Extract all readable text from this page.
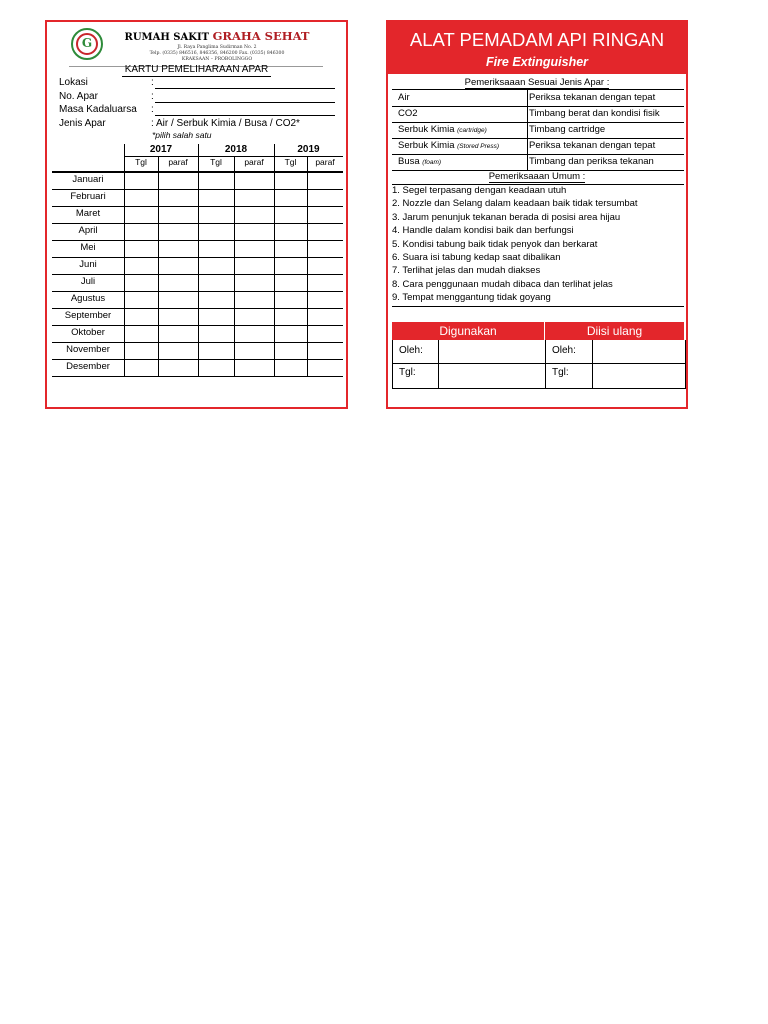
G	RUMAH SAKIT GRAHA SEHAT
Jl. Raya Panglima Sudirman No. 2
Telp. (0335) 846516, 846356, 846200 Fax. (0335) 846300
KRAKSAAN – PROBOLINGGO
KARTU PEMELIHARAAN APAR
Lokasi	:
No. Apar	:
Masa Kadaluarsa :
Jenis Apar	: Air / Serbuk Kimia / Busa / CO2*
*pilih salah satu
2017	2018	2019
Tgl	paraf	Tgl	paraf	Tgl	paraf
Januari
Februari
Maret
April
Mei
Juni
Juli
Agustus
September
Oktober
November
Desember
ALAT PEMADAM API RINGAN
Fire Extinguisher
Pemeriksaaan Sesuai Jenis Apar :
Air	Periksa tekanan dengan tepat
CO2	Timbang berat dan kondisi fisik
Serbuk Kimia (cartridge)	Timbang cartridge
Serbuk Kimia (Stored Press)	Periksa tekanan dengan tepat
Busa (foam)	Timbang dan periksa tekanan
Pemeriksaaan Umum :
1. Segel terpasang dengan keadaan utuh
2. Nozzle dan Selang dalam keadaan baik tidak tersumbat
3. Jarum penunjuk tekanan berada di posisi area hijau
4. Handle dalam kondisi baik dan berfungsi
5. Kondisi tabung baik tidak penyok dan berkarat
6. Suara isi tabung kedap saat dibalikan
7. Terlihat jelas dan mudah diakses
8. Cara penggunaan mudah dibaca dan terlihat jelas
9. Tempat menggantung tidak goyang
Digunakan	Diisi ulang
Oleh:	Oleh:
Tgl:	Tgl:
